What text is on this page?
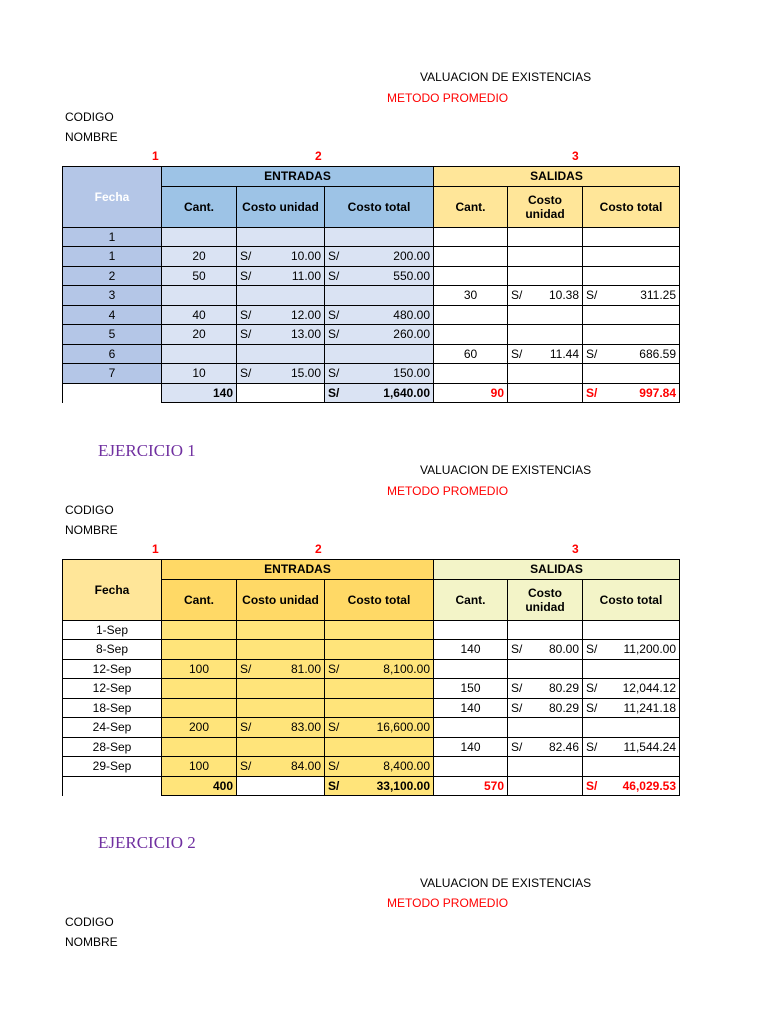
VALUACION DE EXISTENCIAS
METODO PROMEDIO
CODIGO
NOMBRE
1	2	3
Fecha	ENTRADAS			SALIDAS		
	Cant.	Costo unidad	Costo total	Cant.	Costo unidad	Costo total
1						
1	20	S/ 10.00	S/ 200.00			

2	50	S/ 11.00	S/ 550.00			

3				30	S/ 10.38	S/ 311.25

4	40	S/ 12.00	S/ 480.00			

5	20	S/ 13.00	S/ 260.00			

6				60	S/ 11.44	S/ 686.59

7	10	S/ 15.00	S/ 150.00			

	140		S/ 1,640.00	90		S/ 997.84
EJERCICIO 1
VALUACION DE EXISTENCIAS
METODO PROMEDIO
CODIGO
NOMBRE
1	2	3
Fecha	ENTRADAS			SALIDAS		
	Cant.	Costo unidad	Costo total	Cant.	Costo unidad	Costo total
1-Sep						
8-Sep				140	S/ 80.00	S/ 11,200.00

12-Sep	100	S/ 81.00	S/ 8,100.00			

12-Sep				150	S/ 80.29	S/ 12,044.12

18-Sep				140	S/ 80.29	S/ 11,241.18

24-Sep	200	S/ 83.00	S/ 16,600.00			

28-Sep				140	S/ 82.46	S/ 11,544.24

29-Sep	100	S/ 84.00	S/ 8,400.00			

	400		S/ 33,100.00	570		S/ 46,029.53
EJERCICIO 2
VALUACION DE EXISTENCIAS
METODO PROMEDIO
CODIGO
NOMBRE
